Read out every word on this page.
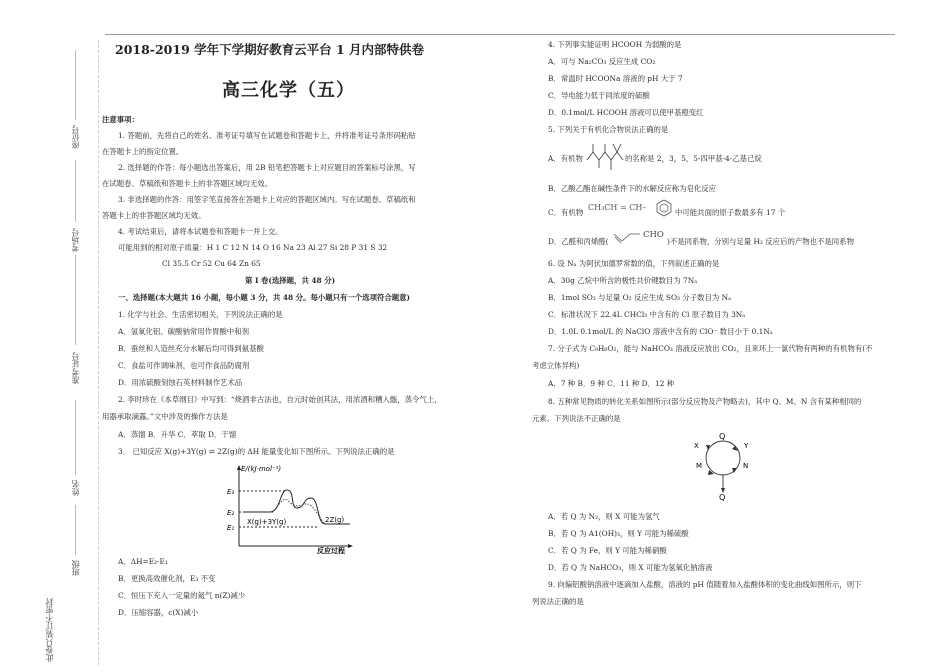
座位号
考场号
准考证号
姓名
班级
此卷只装订不密封
2018-2019 学年下学期好教育云平台 1 月内部特供卷
高三化学（五）
注意事项：
1. 答题前，先将自己的姓名、准考证号填写在试题卷和答题卡上，并将准考证号条形码粘贴
在答题卡上的指定位置。
2. 选择题的作答：每小题选出答案后，用 2B 铅笔把答题卡上对应题目的答案标号涂黑，写
在试题卷、草稿纸和答题卡上的非答题区域均无效。
3. 非选择题的作答：用签字笔直接答在答题卡上对应的答题区域内。写在试题卷、草稿纸和
答题卡上的非答题区域均无效。
4. 考试结束后，请将本试题卷和答题卡一并上交。
可能用到的相对原子质量：H 1 C 12 N 14 O 16 Na 23 Al 27 Si 28 P 31 S 32
Cl 35.5 Cr 52 Cu 64 Zn 65
第 I 卷(选择题，共 48 分)
一、选择题(本大题共 16 小题，每小题 3 分，共 48 分。每小题只有一个选项符合题意)
1. 化学与社会、生活密切相关，下列说法正确的是
A．氢氧化铝、碳酸钠常用作胃酸中和剂
B．蚕丝和人造丝充分水解后均可得到氨基酸
C．食盐可作调味剂，也可作食品防腐剂
D．用浓硫酸刻蚀石英材料制作艺术品
2. 李时珍在《本草纲目》中写到：“烧酒非古法也，自元时始创其法，用浓酒和糟入甑，蒸令气上，
用器承取滴露。”文中涉及的操作方法是
A．蒸馏 B．升华 C．萃取 D．干馏
3． 已知反应 X(g)+3Y(g) ⇌ 2Z(g)的 ΔH 能量变化如下图所示。下列说法正确的是
E/(kJ·mol⁻¹)
E₃
E₂
E₁
X(g)+3Y(g)	2Z(g)
反应过程
A．ΔH=E₂-E₁
B．更换高效催化剂，E₃ 不变
C．恒压下充入一定量的氦气 n(Z)减少
D．压缩容器，c(X)减小
4. 下列事实能证明 HCOOH 为弱酸的是
A．可与 Na₂CO₃ 反应生成 CO₂
B．常温时 HCOONa 溶液的 pH 大于 7
C．导电能力低于同浓度的硫酸
D．0.1mol/L HCOOH 溶液可以使甲基橙变红
5. 下列关于有机化合物说法正确的是
A．有机物	的名称是 2，3，5，5-四甲基-4-乙基己烷
B．乙酸乙酯在碱性条件下的水解反应称为皂化反应
C．有机物
CH₃CH = CH–
中可能共面的原子数最多有 17 个
D．乙醛和丙烯醛(
CHO
)不是同系物，分别与足量 H₂ 反应后的产物也不是同系物
6. 设 Nₐ 为阿伏加德罗常数的值，下列叙述正确的是
A．30g 乙烷中所含的极性共价键数目为 7Nₐ
B．1mol SO₂ 与足量 O₂ 反应生成 SO₃ 分子数目为 Nₐ
C．标准状况下 22.4L CHCl₃ 中含有的 Cl 原子数目为 3Nₐ
D．1.0L 0.1mol/L 的 NaClO 溶液中含有的 ClO⁻ 数目小于 0.1Nₐ
7. 分子式为 C₉H₆O₂，能与 NaHCO₃ 溶液反应放出 CO₂，且来环上一氯代物有两种的有机物有(不
考虑立体异构)
A．7 种 B．9 种 C．11 种 D．12 种
8. 五种常见物质的转化关系如图所示(部分反应物及产物略去)，其中 Q、M、N 含有某种相同的
元素。下列说法不正确的是
Q
X	Y
M	N
Q
A．若 Q 为 N₂，则 X 可能为氢气
B．若 Q 为 A1(OH)₃，则 Y 可能为稀硫酸
C．若 Q 为 Fe，则 Y 可能为稀硝酸
D．若 Q 为 NaHCO₃，则 X 可能为氢氧化钠溶液
9. 向偏铝酸钠溶液中逐滴加入盐酸，溶液的 pH 值随着加入盐酸体积的变化曲线如图所示，则下
列说法正确的是
